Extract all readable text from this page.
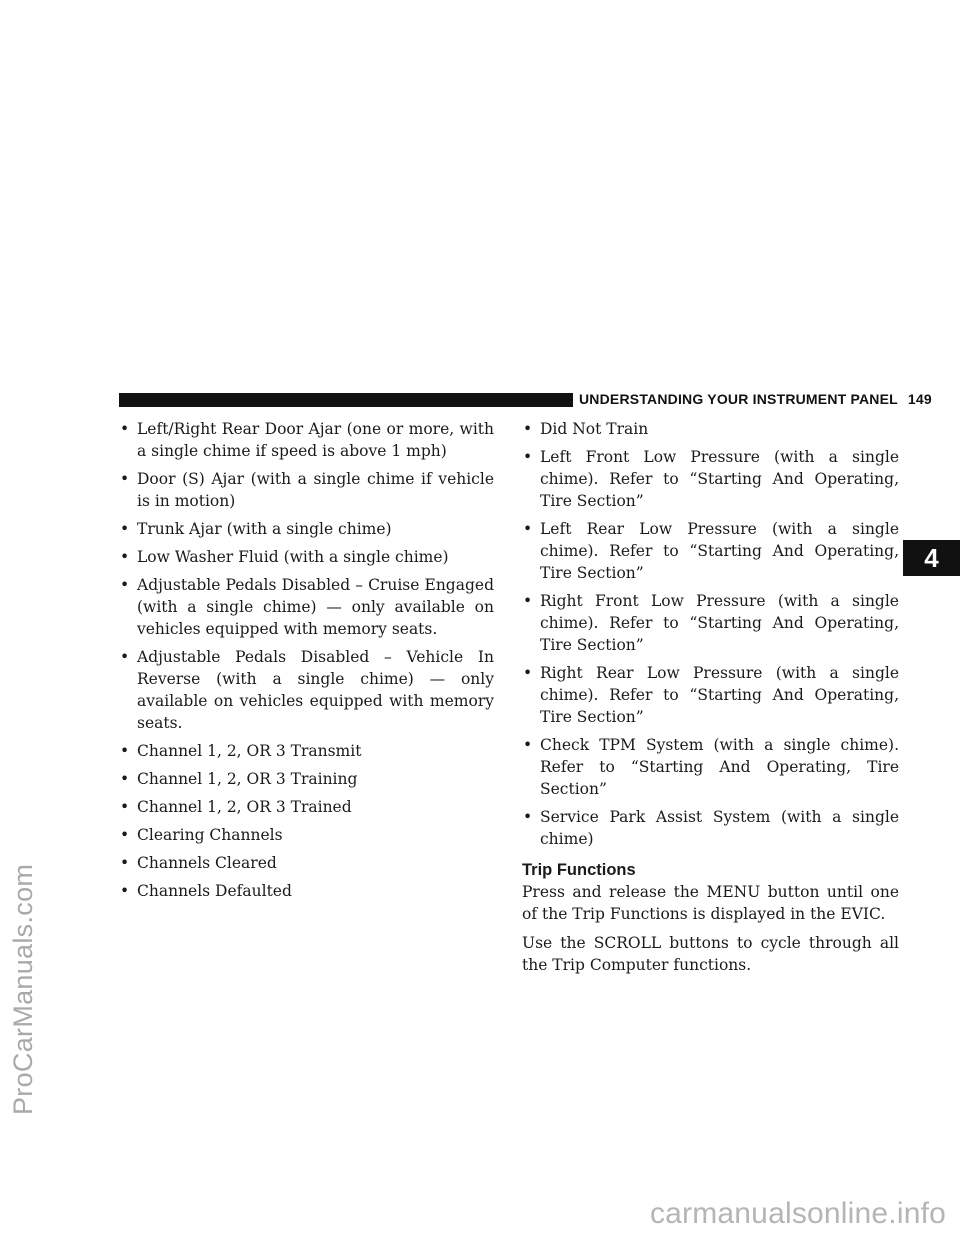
UNDERSTANDING YOUR INSTRUMENT PANEL 149
• Left/Right Rear Door Ajar (one or more, with a single chime if speed is above 1 mph)
• Door (S) Ajar (with a single chime if vehicle is in motion)
• Trunk Ajar (with a single chime)
• Low Washer Fluid (with a single chime)
• Adjustable Pedals Disabled – Cruise Engaged (with a single chime) — only available on vehicles equipped with memory seats.
• Adjustable Pedals Disabled – Vehicle In Reverse (with a single chime) — only available on vehicles equipped with memory seats.
• Channel 1, 2, OR 3 Transmit
• Channel 1, 2, OR 3 Training
• Channel 1, 2, OR 3 Trained
• Clearing Channels
• Channels Cleared
• Channels Defaulted
• Did Not Train
• Left Front Low Pressure (with a single chime). Refer to “Starting And Operating, Tire Section”
• Left Rear Low Pressure (with a single chime). Refer to “Starting And Operating, Tire Section”
• Right Front Low Pressure (with a single chime). Refer to “Starting And Operating, Tire Section”
• Right Rear Low Pressure (with a single chime). Refer to “Starting And Operating, Tire Section”
• Check TPM System (with a single chime). Refer to “Starting And Operating, Tire Section”
• Service Park Assist System (with a single chime)
Trip Functions

Press and release the MENU button until one of the Trip Functions is displayed in the EVIC.

Use the SCROLL buttons to cycle through all the Trip Computer functions.

4
ProCarManuals.com
carmanualsonline.info
